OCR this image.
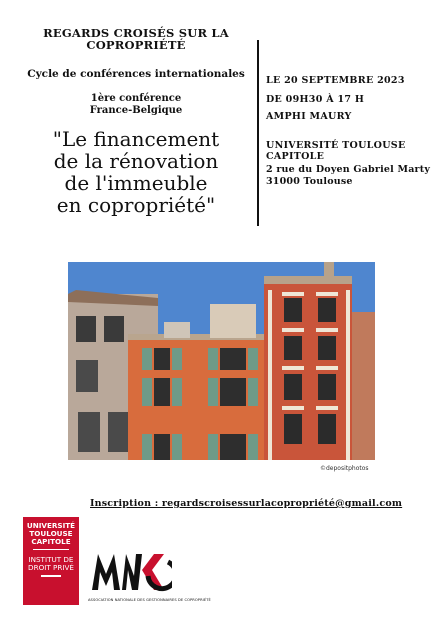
REGARDS CROISÉS SUR LA
COPROPRIÉTÉ
Cycle de conférences internationales
1ère conférence
France-Belgique
"Le financement
de la rénovation
de l'immeuble
en copropriété"
LE 20 SEPTEMBRE 2023
DE 09H30 À 17 H
AMPHI MAURY
UNIVERSITÉ TOULOUSE
CAPITOLE
2 rue du Doyen Gabriel Marty
31000 Toulouse
©depositphotos
Inscription : regardscroisessurlacopropriété@gmail.com
UNIVERSITÉ
TOULOUSE
CAPITOLE
INSTITUT DE
DROIT PRIVÉ
ASSOCIATION NATIONALE DES GESTIONNAIRES DE COPROPRIÉTÉ
